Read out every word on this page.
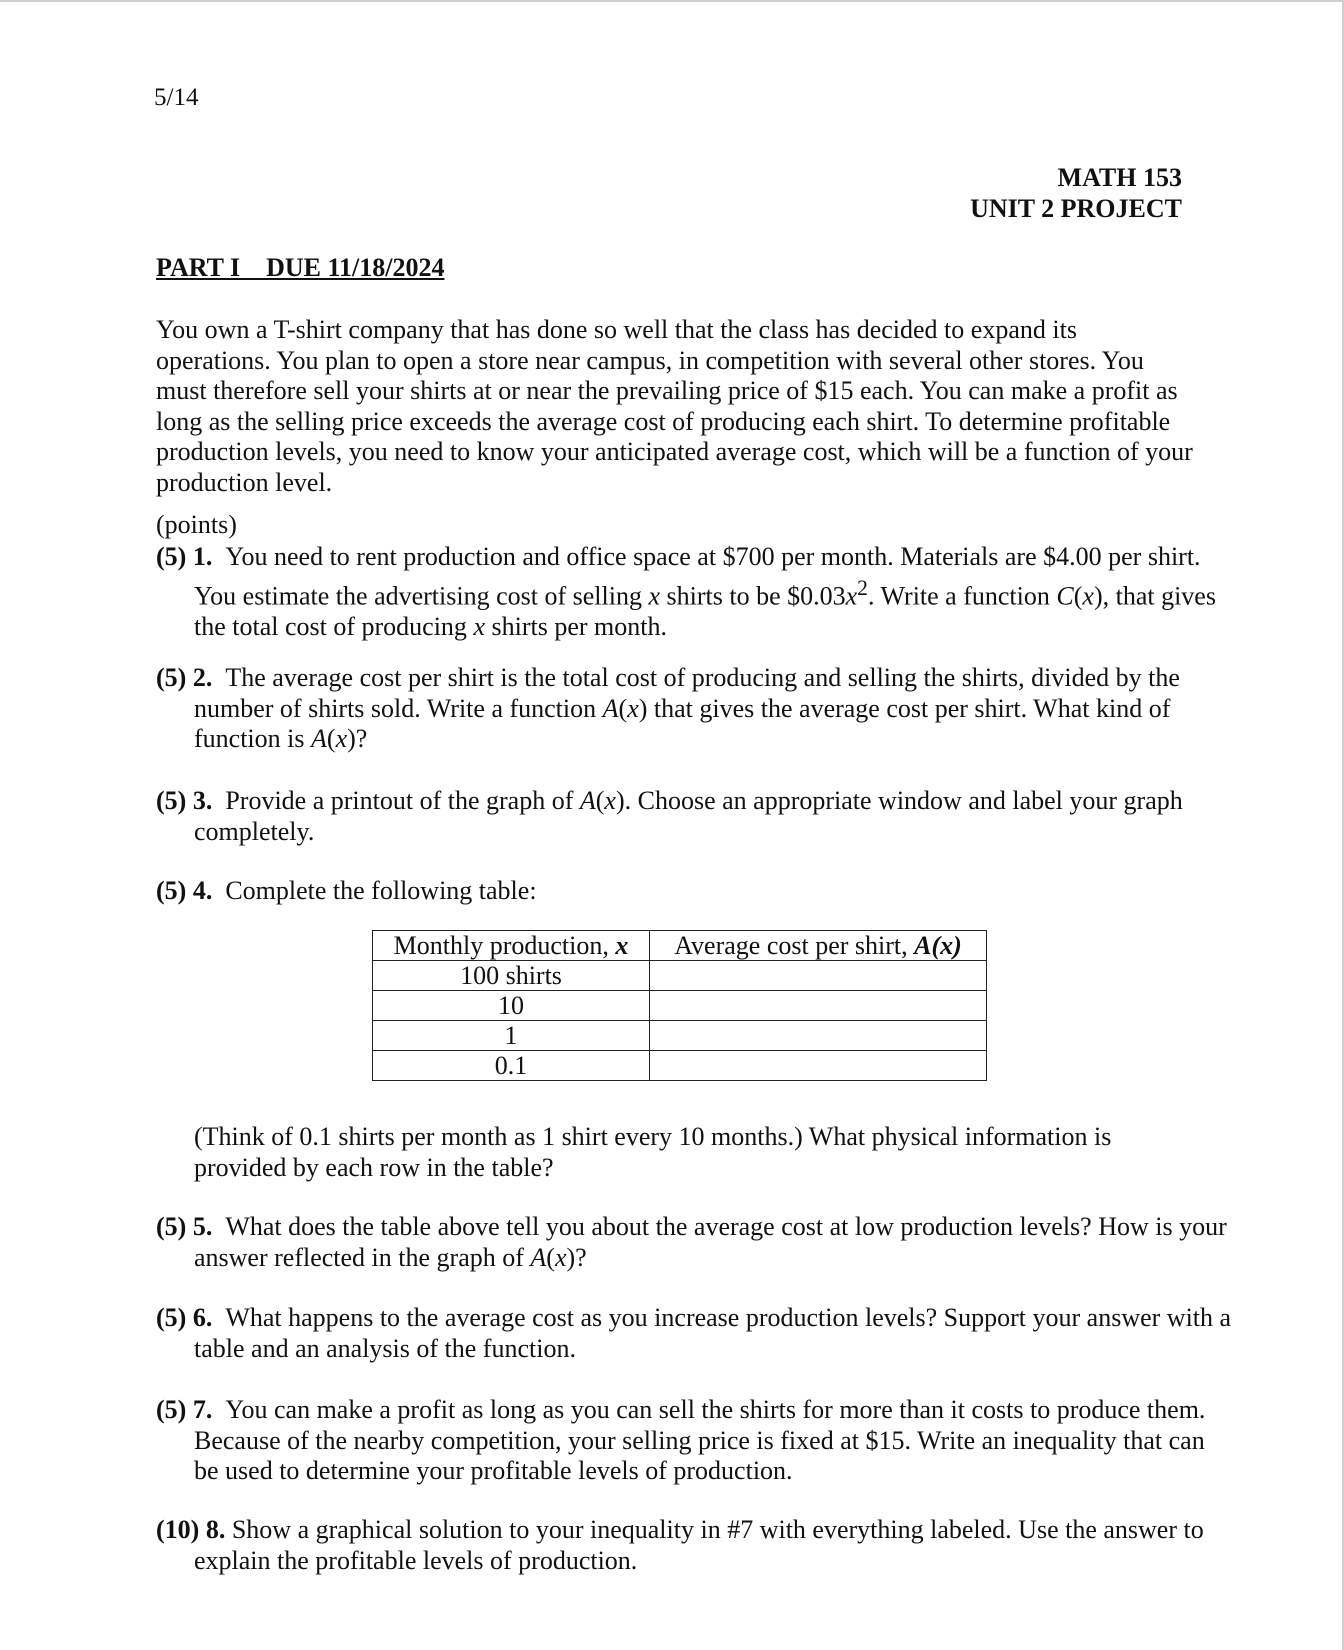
5/14
MATH 153
UNIT 2 PROJECT
PART I    DUE 11/18/2024
You own a T-shirt company that has done so well that the class has decided to expand its operations. You plan to open a store near campus, in competition with several other stores. You must therefore sell your shirts at or near the prevailing price of $15 each. You can make a profit as long as the selling price exceeds the average cost of producing each shirt. To determine profitable production levels, you need to know your anticipated average cost, which will be a function of your production level.
(points)
(5) 1. You need to rent production and office space at $700 per month. Materials are $4.00 per shirt. You estimate the advertising cost of selling x shirts to be $\$0.03x^2$. Write a function C(x), that gives the total cost of producing x shirts per month.
(5) 2. The average cost per shirt is the total cost of producing and selling the shirts, divided by the number of shirts sold. Write a function A(x) that gives the average cost per shirt. What kind of function is A(x)?
(5) 3. Provide a printout of the graph of A(x). Choose an appropriate window and label your graph completely.
(5) 4. Complete the following table:
Monthly production, x	Average cost per shirt, A(x)
100 shirts	
10	
1	
0.1	
(Think of 0.1 shirts per month as 1 shirt every 10 months.) What physical information is provided by each row in the table?
(5) 5. What does the table above tell you about the average cost at low production levels? How is your answer reflected in the graph of A(x)?
(5) 6. What happens to the average cost as you increase production levels? Support your answer with a table and an analysis of the function.
(5) 7. You can make a profit as long as you can sell the shirts for more than it costs to produce them. Because of the nearby competition, your selling price is fixed at $15. Write an inequality that can be used to determine your profitable levels of production.
(10) 8. Show a graphical solution to your inequality in #7 with everything labeled. Use the answer to explain the profitable levels of production.
